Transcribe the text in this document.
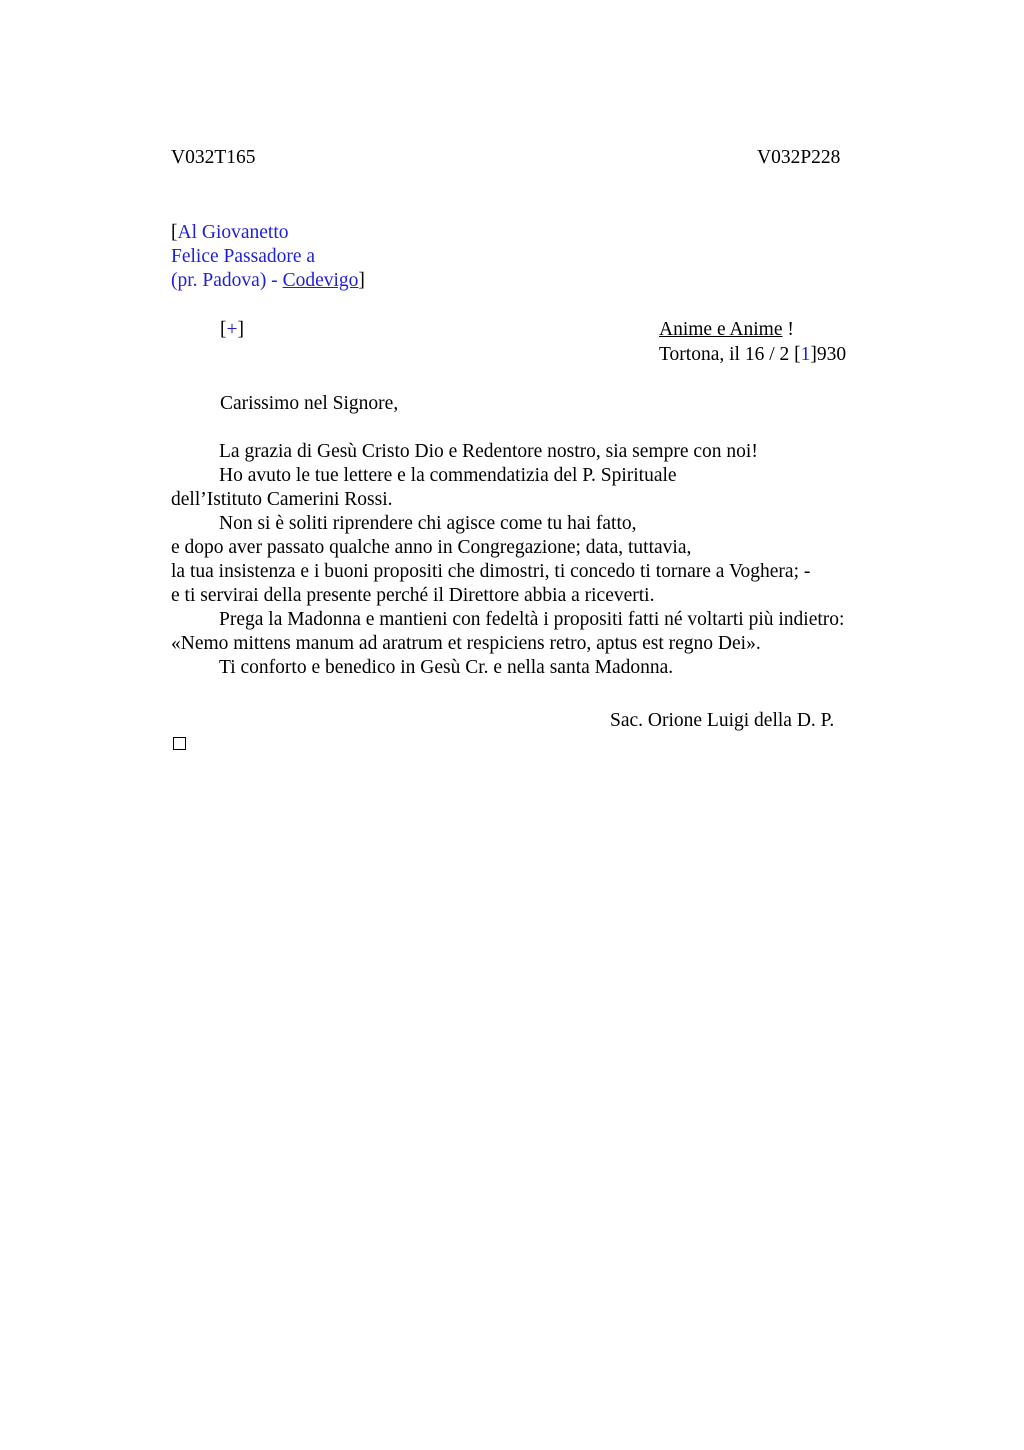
V032T165	V032P228
[Al Giovanetto
Felice Passadore a
(pr. Padova) - Codevigo]
[+]	Anime e Anime !
Tortona, il 16 / 2 [1]930
Carissimo nel Signore,
La grazia di Gesù Cristo Dio e Redentore nostro, sia sempre con noi!
Ho avuto le tue lettere e la commendatizia del P. Spirituale
dell’Istituto Camerini Rossi.
Non si è soliti riprendere chi agisce come tu hai fatto,
e dopo aver passato qualche anno in Congregazione; data, tuttavia,
la tua insistenza e i buoni propositi che dimostri, ti concedo ti tornare a Voghera; -
e ti servirai della presente perché il Direttore abbia a riceverti.
Prega la Madonna e mantieni con fedeltà i propositi fatti né voltarti più indietro:
«Nemo mittens manum ad aratrum et respiciens retro, aptus est regno Dei».
Ti conforto e benedico in Gesù Cr. e nella santa Madonna.
Sac. Orione Luigi della D. P.
